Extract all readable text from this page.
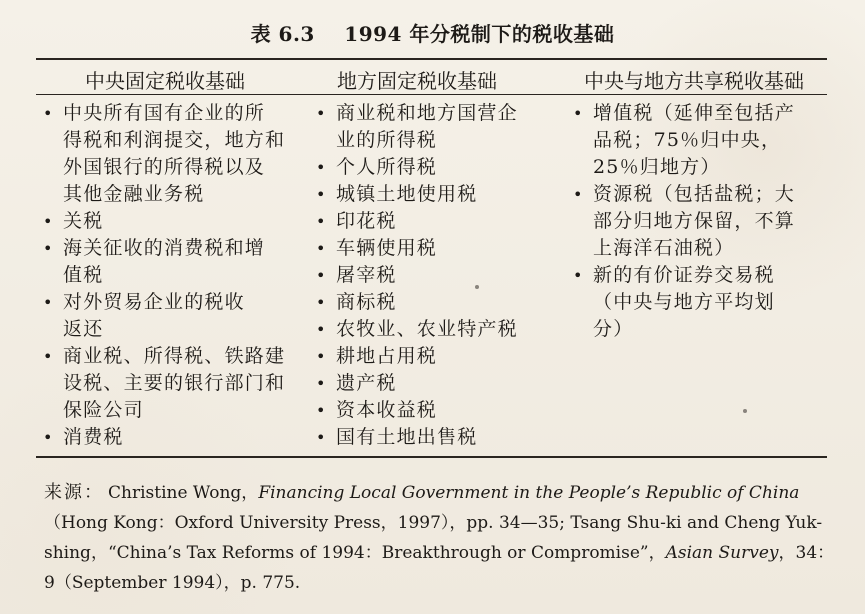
表 6.3 1994 年分税制下的税收基础
中央固定税收基础	地方固定税收基础	中央与地方共享税收基础
• 中央所有国有企业的所
得税和利润提交，地方和
外国银行的所得税以及
其他金融业务税
• 关税
• 海关征收的消费税和增
值税
• 对外贸易企业的税收
返还
• 商业税、所得税、铁路建
设税、主要的银行部门和
保险公司
• 消费税
• 商业税和地方国营企
业的所得税
• 个人所得税
• 城镇土地使用税
• 印花税
• 车辆使用税
• 屠宰税
• 商标税
• 农牧业、农业特产税
• 耕地占用税
• 遗产税
• 资本收益税
• 国有土地出售税
• 增值税（延伸至包括产
品税；75％归中央，
25％归地方）
• 资源税（包括盐税；大
部分归地方保留，不算
上海洋石油税）
• 新的有价证券交易税
（中央与地方平均划
分）
来源： Christine Wong，Financing Local Government in the People’s Republic of China
（Hong Kong：Oxford University Press，1997），pp. 34—35; Tsang Shu-ki and Cheng Yuk-
shing，“China’s Tax Reforms of 1994：Breakthrough or Compromise”，Asian Survey，34：
9（September 1994），p. 775.
